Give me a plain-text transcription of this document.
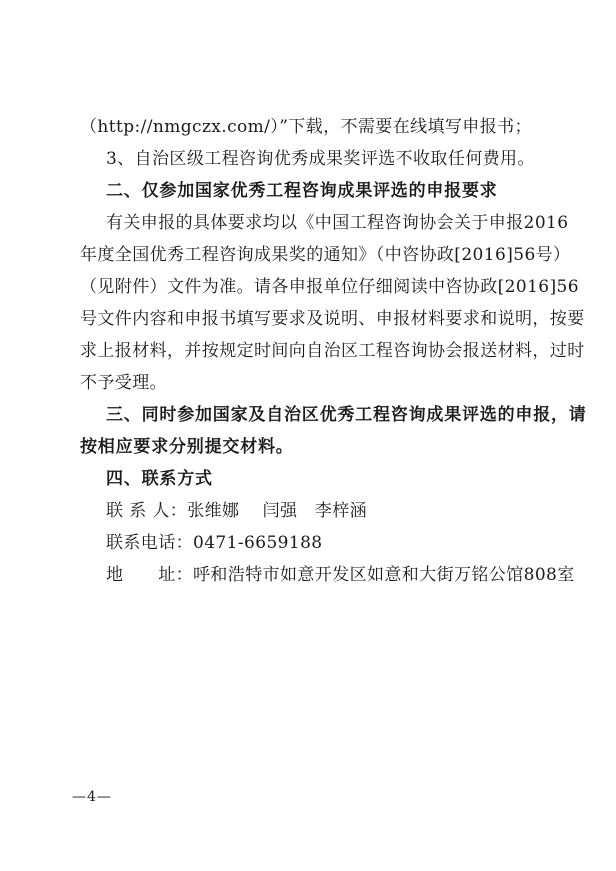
（http://nmgczx.com/）”下载，不需要在线填写申报书；
3、自治区级工程咨询优秀成果奖评选不收取任何费用。
二、仅参加国家优秀工程咨询成果评选的申报要求
有关申报的具体要求均以《中国工程咨询协会关于申报2016
年度全国优秀工程咨询成果奖的通知》（中咨协政[2016]56号）
（见附件）文件为准。请各申报单位仔细阅读中咨协政[2016]56
号文件内容和申报书填写要求及说明、申报材料要求和说明，按要
求上报材料，并按规定时间向自治区工程咨询协会报送材料，过时
不予受理。
三、同时参加国家及自治区优秀工程咨询成果评选的申报，请
按相应要求分别提交材料。
四、联系方式
联 系 人：张维娜　 闫强　李梓涵
联系电话：0471-6659188
地　　址：呼和浩特市如意开发区如意和大街万铭公馆808室
—4—
